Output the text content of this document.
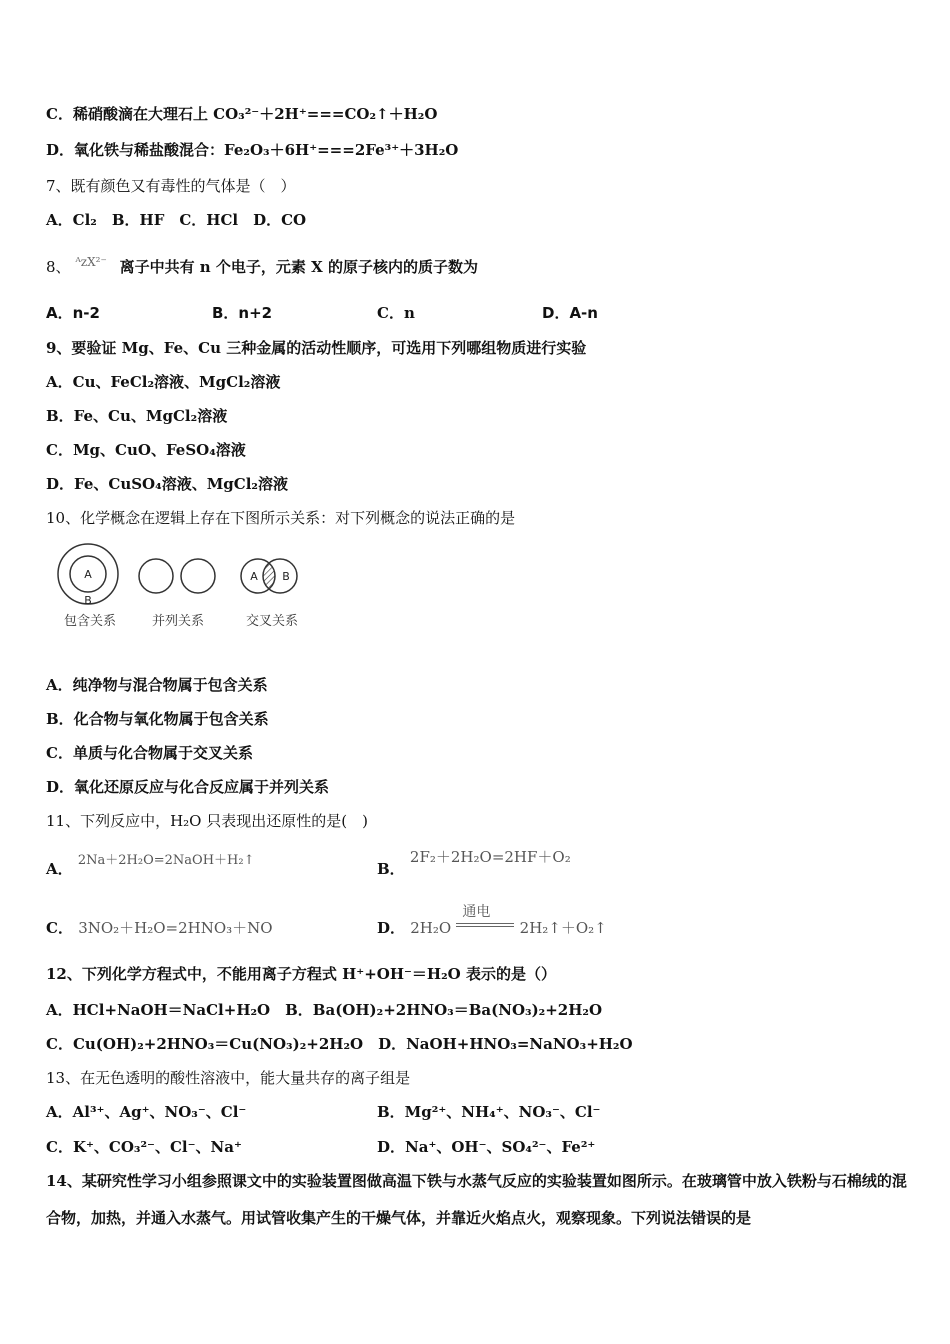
C．稀硝酸滴在大理石上 CO₃²⁻＋2H⁺===CO₂↑＋H₂O
D．氧化铁与稀盐酸混合：Fe₂O₃＋6H⁺===2Fe³⁺＋3H₂O
7、既有颜色又有毒性的气体是（　）
A．Cl₂　B．HF　C．HCl　D．CO
8、 $^{ᴬzX^{2-}}$ 离子中共有 n 个电子，元素 X 的原子核内的质子数为
A．n-2	B．n+2	C．n	D．A-n
9、要验证 Mg、Fe、Cu 三种金属的活动性顺序，可选用下列哪组物质进行实验
A．Cu、FeCl₂溶液、MgCl₂溶液
B．Fe、Cu、MgCl₂溶液
C．Mg、CuO、FeSO₄溶液
D．Fe、CuSO₄溶液、MgCl₂溶液
10、化学概念在逻辑上存在下图所示关系：对下列概念的说法正确的是
A
B
A B
包含关系	并列关系	交叉关系
A．纯净物与混合物属于包含关系
B．化合物与氧化物属于包含关系
C．单质与化合物属于交叉关系
D．氧化还原反应与化合反应属于并列关系
11、下列反应中，H₂O 只表现出还原性的是(　)
A． 2Na＋2H₂O=2NaOH＋H₂↑	B． 2F₂＋2H₂O=2HF＋O₂
C． 3NO₂＋H₂O=2HNO₃＋NO	D． 2H₂O
通电
2H₂↑＋O₂↑
12、下列化学方程式中，不能用离子方程式 H⁺+OH⁻＝H₂O 表示的是（）
A．HCl+NaOH＝NaCl+H₂O　B．Ba(OH)₂+2HNO₃＝Ba(NO₃)₂+2H₂O
C．Cu(OH)₂+2HNO₃＝Cu(NO₃)₂+2H₂O　D．NaOH+HNO₃=NaNO₃+H₂O
13、在无色透明的酸性溶液中，能大量共存的离子组是
A．Al³⁺、Ag⁺、NO₃⁻、Cl⁻	B．Mg²⁺、NH₄⁺、NO₃⁻、Cl⁻
C．K⁺、CO₃²⁻、Cl⁻、Na⁺	D．Na⁺、OH⁻、SO₄²⁻、Fe²⁺
14、某研究性学习小组参照课文中的实验装置图做高温下铁与水蒸气反应的实验装置如图所示。在玻璃管中放入铁粉与石棉绒的混合物，加热，并通入水蒸气。用试管收集产生的干燥气体，并靠近火焰点火，观察现象。下列说法错误的是
